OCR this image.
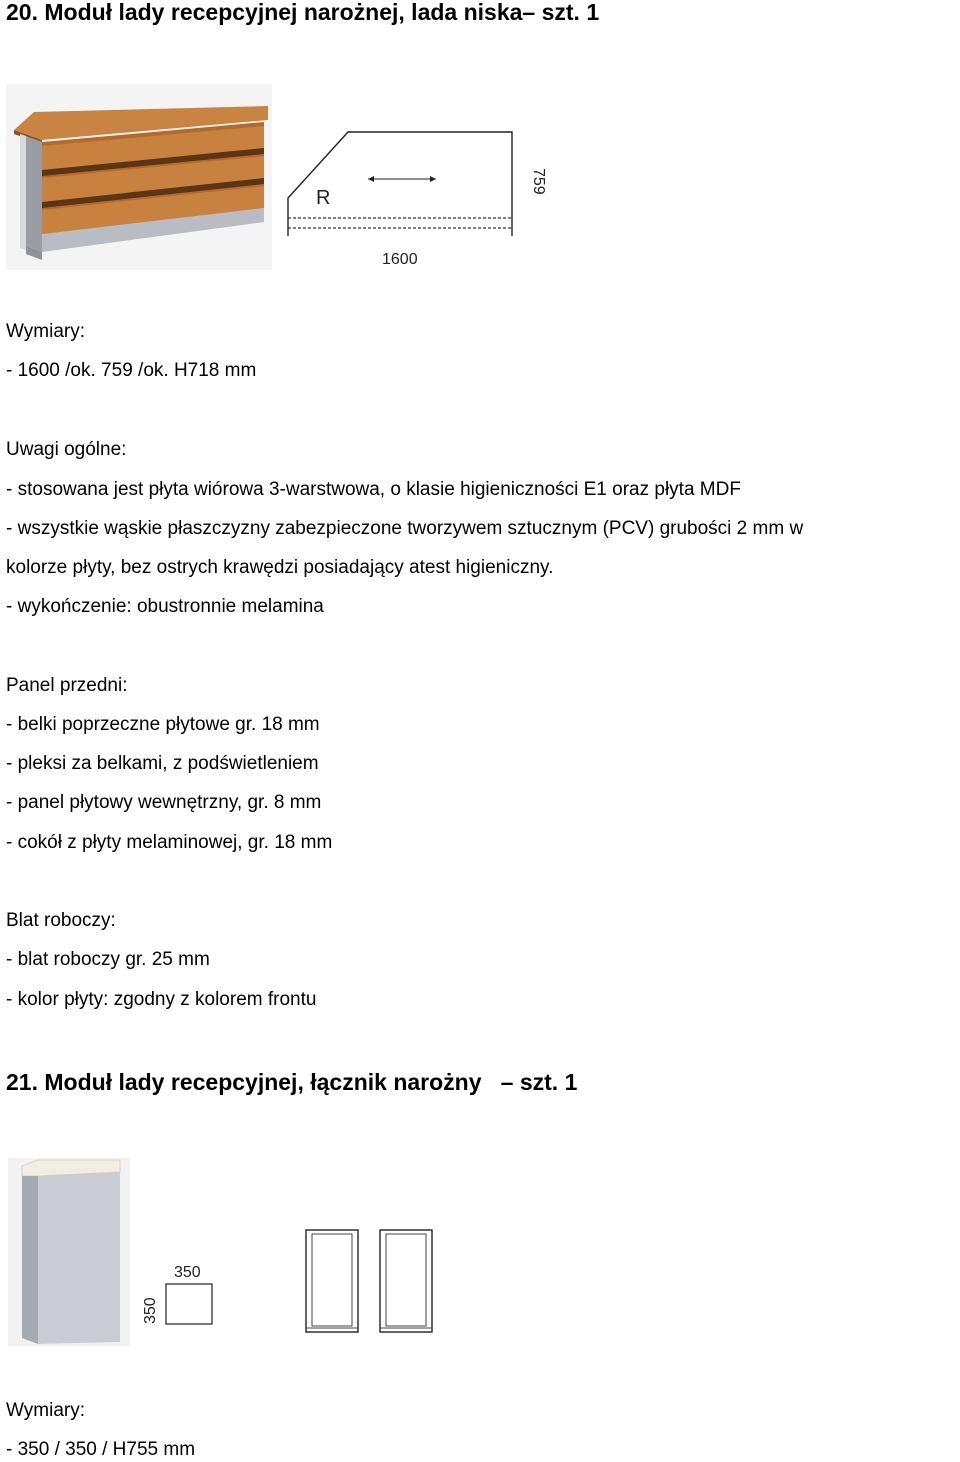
20. Moduł lady recepcyjnej narożnej, lada niska– szt. 1
R
1600
759

Wymiary:

- 1600 /ok. 759 /ok. H718 mm

Uwagi ogólne:

- stosowana jest płyta wiórowa 3-warstwowa, o klasie higieniczności E1 oraz płyta MDF

- wszystkie wąskie płaszczyzny zabezpieczone tworzywem sztucznym (PCV) grubości 2 mm w

kolorze płyty, bez ostrych krawędzi posiadający atest higieniczny.

- wykończenie: obustronnie melamina

Panel przedni:

- belki poprzeczne płytowe gr. 18 mm

- pleksi za belkami, z podświetleniem

- panel płytowy wewnętrzny, gr. 8 mm

- cokół z płyty melaminowej, gr. 18 mm

Blat roboczy:

- blat roboczy gr. 25 mm

- kolor płyty: zgodny z kolorem frontu

21. Moduł lady recepcyjnej, łącznik narożny   – szt. 1
350
350

Wymiary:

- 350 / 350 / H755 mm
